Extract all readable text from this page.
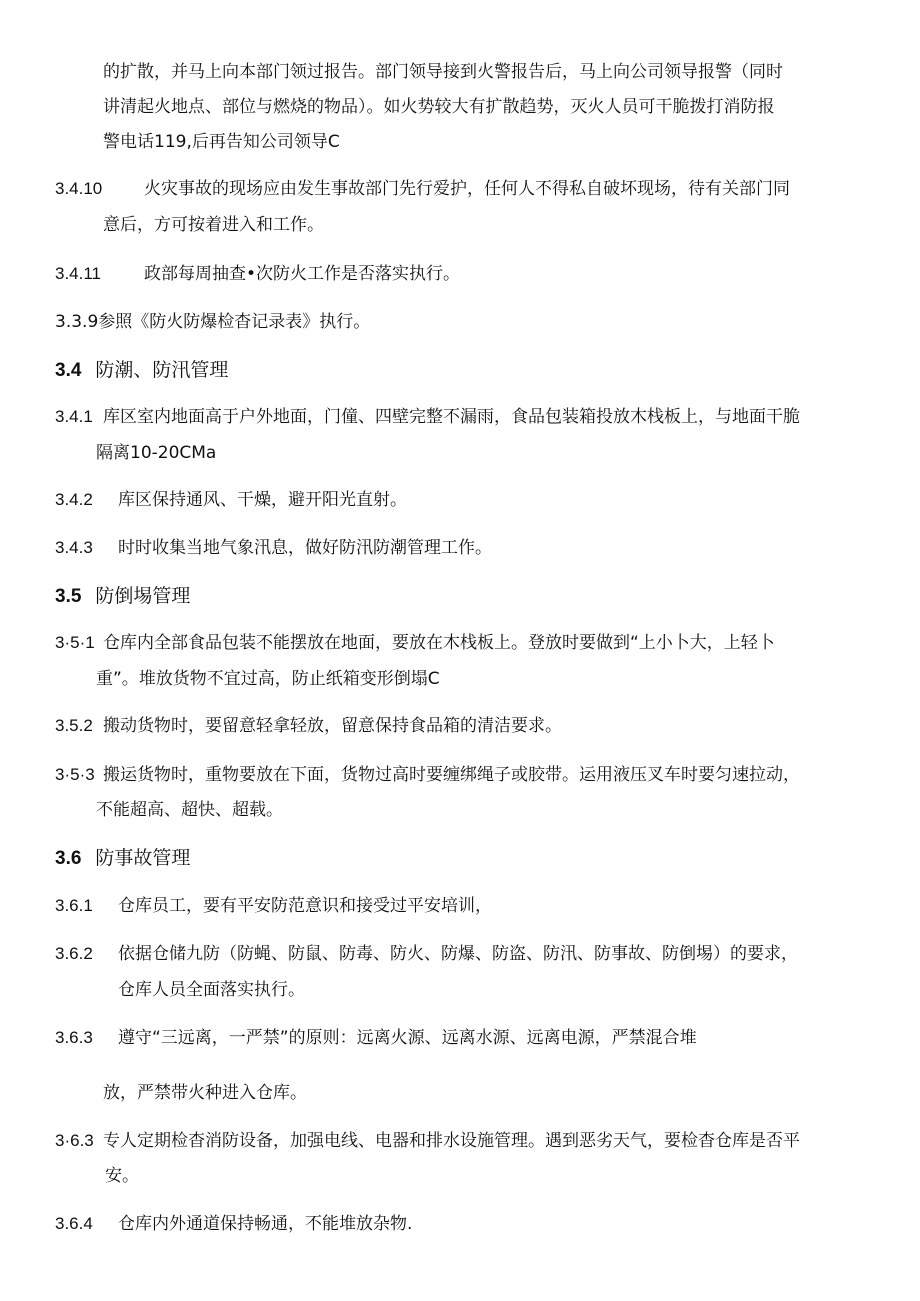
的扩散，并马上向本部门领过报告。部门领导接到火警报告后，马上向公司领导报警（同时
讲清起火地点、部位与燃烧的物品）。如火势较大有扩散趋势，灭火人员可干脆拨打消防报
警电话119,后再告知公司领导C
3.4.10 火灾事故的现场应由发生事故部门先行爱护，任何人不得私自破坏现场，待有关部门同
意后，方可按着进入和工作。
3.4.11	政部每周抽查•次防火工作是否落实执行。
3.3.9参照《防火防爆检杳记录表》执行。
3.4 防潮、防汛管理
3.4.1 库区室内地面高于户外地面，门僮、四壁完整不漏雨，食品包装箱投放木栈板上，与地面干脆
隔离10-20CMa
3.4.2 库区保持通风、干燥，避开阳光直射。
3.4.3 时时收集当地气象汛息，做好防汛防潮管理工作。
3.5 防倒埸管理
3·5·1 仓库内全部食品包装不能摆放在地面，要放在木栈板上。登放时要做到“上小卜大，上轻卜
重”。堆放货物不宜过高，防止纸箱变形倒塌C
3.5.2 搬动货物时，要留意轻拿轻放，留意保持食品箱的清洁要求。
3·5·3 搬运货物时，重物要放在下面，货物过高时要缠绑绳子或胶带。运用液压叉车时要匀速拉动，
不能超高、超快、超载。
3.6 防事故管理
3.6.1 仓库员工，要有平安防范意识和接受过平安培训，
3.6.2 依据仓储九防（防蝇、防鼠、防毒、防火、防爆、防盗、防汛、防事故、防倒埸）的要求，
仓库人员全面落实执行。
3.6.3 遵守“三远离，一严禁”的原则：远离火源、远离水源、远离电源，严禁混合堆
放，严禁带火种进入仓库。
3·6.3 专人定期检杳消防设备，加强电线、电器和排水设施管理。遇到恶劣天气，要检杳仓库是否平
安。
3.6.4 仓库内外通道保持畅通，不能堆放杂物.
